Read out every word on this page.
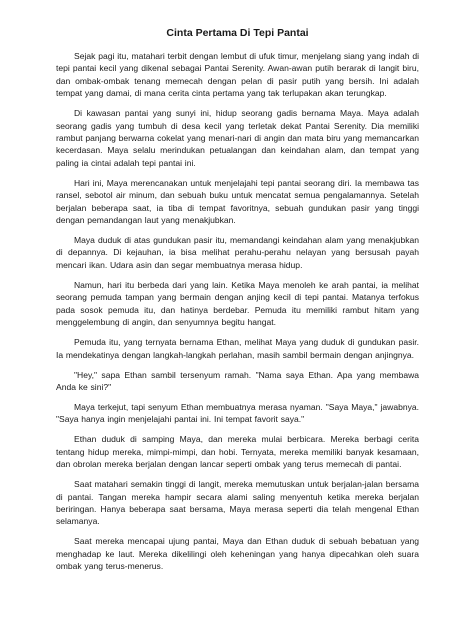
Cinta Pertama Di Tepi Pantai

Sejak pagi itu, matahari terbit dengan lembut di ufuk timur, menjelang siang yang indah di tepi pantai kecil yang dikenal sebagai Pantai Serenity. Awan-awan putih berarak di langit biru, dan ombak-ombak tenang memecah dengan pelan di pasir putih yang bersih. Ini adalah tempat yang damai, di mana cerita cinta pertama yang tak terlupakan akan terungkap.

Di kawasan pantai yang sunyi ini, hidup seorang gadis bernama Maya. Maya adalah seorang gadis yang tumbuh di desa kecil yang terletak dekat Pantai Serenity. Dia memiliki rambut panjang berwarna cokelat yang menari-nari di angin dan mata biru yang memancarkan kecerdasan. Maya selalu merindukan petualangan dan keindahan alam, dan tempat yang paling ia cintai adalah tepi pantai ini.

Hari ini, Maya merencanakan untuk menjelajahi tepi pantai seorang diri. Ia membawa tas ransel, sebotol air minum, dan sebuah buku untuk mencatat semua pengalamannya. Setelah berjalan beberapa saat, ia tiba di tempat favoritnya, sebuah gundukan pasir yang tinggi dengan pemandangan laut yang menakjubkan.

Maya duduk di atas gundukan pasir itu, memandangi keindahan alam yang menakjubkan di depannya. Di kejauhan, ia bisa melihat perahu-perahu nelayan yang bersusah payah mencari ikan. Udara asin dan segar membuatnya merasa hidup.

Namun, hari itu berbeda dari yang lain. Ketika Maya menoleh ke arah pantai, ia melihat seorang pemuda tampan yang bermain dengan anjing kecil di tepi pantai. Matanya terfokus pada sosok pemuda itu, dan hatinya berdebar. Pemuda itu memiliki rambut hitam yang menggelembung di angin, dan senyumnya begitu hangat.

Pemuda itu, yang ternyata bernama Ethan, melihat Maya yang duduk di gundukan pasir. Ia mendekatinya dengan langkah-langkah perlahan, masih sambil bermain dengan anjingnya.

"Hey," sapa Ethan sambil tersenyum ramah. "Nama saya Ethan. Apa yang membawa Anda ke sini?"

Maya terkejut, tapi senyum Ethan membuatnya merasa nyaman. "Saya Maya," jawabnya. "Saya hanya ingin menjelajahi pantai ini. Ini tempat favorit saya."

Ethan duduk di samping Maya, dan mereka mulai berbicara. Mereka berbagi cerita tentang hidup mereka, mimpi-mimpi, dan hobi. Ternyata, mereka memiliki banyak kesamaan, dan obrolan mereka berjalan dengan lancar seperti ombak yang terus memecah di pantai.

Saat matahari semakin tinggi di langit, mereka memutuskan untuk berjalan-jalan bersama di pantai. Tangan mereka hampir secara alami saling menyentuh ketika mereka berjalan beriringan. Hanya beberapa saat bersama, Maya merasa seperti dia telah mengenal Ethan selamanya.

Saat mereka mencapai ujung pantai, Maya dan Ethan duduk di sebuah bebatuan yang menghadap ke laut. Mereka dikelilingi oleh keheningan yang hanya dipecahkan oleh suara ombak yang terus-menerus.
